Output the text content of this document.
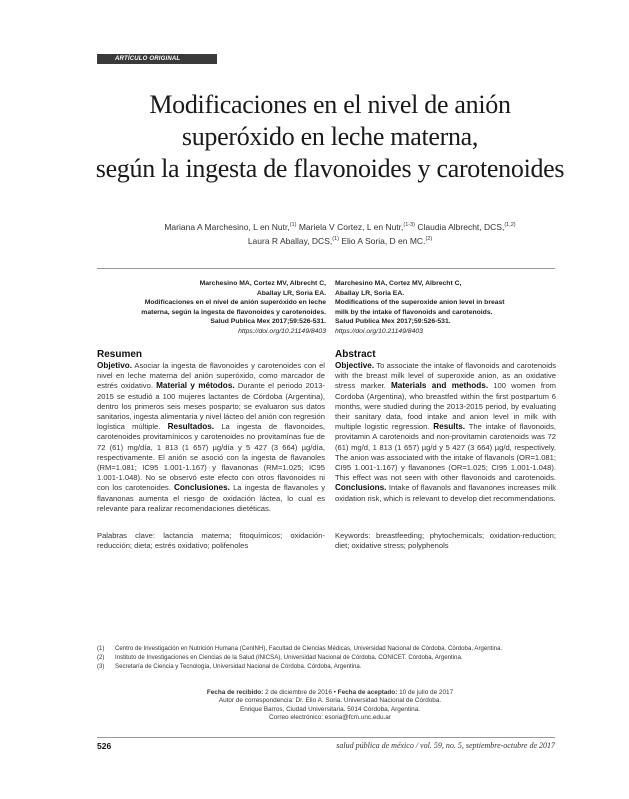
ARTÍCULO ORIGINAL
Modificaciones en el nivel de anión
superóxido en leche materna,
según la ingesta de flavonoides y carotenoides
Mariana A Marchesino, L en Nutr,$^{(1)}$ Mariela V Cortez, L en Nutr,$^{(1-3)}$ Claudia Albrecht, DCS,$^{(1,2)}$
Laura R Aballay, DCS,$^{(1)}$ Elio A Soria, D en MC.$^{(2)}$
Marchesino MA, Cortez MV, Albrecht C,
Aballay LR, Soria EA.
Modificaciones en el nivel de anión superóxido en leche
materna, según la ingesta de flavonoides y carotenoides.
Salud Publica Mex 2017;59:526-531.
https://doi.org/10.21149/8403
Marchesino MA, Cortez MV, Albrecht C,
Aballay LR, Soria EA.
Modifications of the superoxide anion level in breast
milk by the intake of flavonoids and carotenoids.
Salud Publica Mex 2017;59:526-531.
https://doi.org/10.21149/8403
Resumen
Objetivo. Asociar la ingesta de flavonoides y carotenoides con el nivel en leche materna del anión superóxido, como marcador de estrés oxidativo. Material y métodos. Durante el periodo 2013-2015 se estudió a 100 mujeres lactantes de Córdoba (Argentina), dentro los primeros seis meses posparto; se evaluaron sus datos sanitarios, ingesta alimentaria y nivel lácteo del anión con regresión logística múltiple. Resultados. La ingesta de flavonoides, carotenoides provitamínicos y carotenoides no provitamínas fue de 72 (61) mg/día, 1 813 (1 657) µg/día y 5 427 (3 664) µg/día, respectivamente. El anión se asoció con la ingesta de flavanoles (RM=1.081; IC95 1.001-1.167) y flavanonas (RM=1.025; IC95 1.001-1.048). No se observó este efecto con otros flavonoides ni con los carotenoides. Conclusiones. La ingesta de flavanoles y flavanonas aumenta el riesgo de oxidación láctea, lo cual es relevante para realizar recomendaciones dietéticas.
Palabras clave: lactancia materna; fitoquímicos; oxidación-reducción; dieta; estrés oxidativo; polifenoles
Abstract
Objective. To associate the intake of flavonoids and carotenoids with the breast milk level of superoxide anion, as an oxidative stress marker. Materials and methods. 100 women from Cordoba (Argentina), who breastfed within the first postpartum 6 months, were studied during the 2013-2015 period, by evaluating their sanitary data, food intake and anion level in milk with multiple logistic regression. Results. The intake of flavonoids, provitamin A carotenoids and non-provitamin carotenoids was 72 (61) mg/d, 1 813 (1 657) µg/d y 5 427 (3 664) µg/d, respectively. The anion was associated with the intake of flavanols (OR=1.081; CI95 1.001-1.167) y flavanones (OR=1.025; CI95 1.001-1.048). This effect was not seen with other flavonoids and carotenoids. Conclusions. Intake of flavanols and flavanones increases milk oxidation risk, which is relevant to develop diet recommendations.
Keywords: breastfeeding; phytochemicals; oxidation-reduction; diet; oxidative stress; polyphenols
(1) Centro de Investigación en Nutrición Humana (CenINH), Facultad de Ciencias Médicas, Universidad Nacional de Córdoba. Córdoba, Argentina.
(2) Instituto de Investigaciones en Ciencias de la Salud (INICSA), Universidad Nacional de Córdoba, CONICET. Córdoba, Argentina.
(3) Secretaría de Ciencia y Tecnología, Universidad Nacional de Córdoba. Córdoba, Argentina.
Fecha de recibido: 2 de diciembre de 2016 • Fecha de aceptado: 10 de julio de 2017
Autor de correspondencia: Dr. Elio A. Soria. Universidad Nacional de Córdoba.
Enrique Barros, Ciudad Universitaria. 5014 Córdoba, Argentina.
Correo electrónico: esoria@fcm.unc.edu.ar
526	salud pública de méxico / vol. 59, no. 5, septiembre-octubre de 2017
